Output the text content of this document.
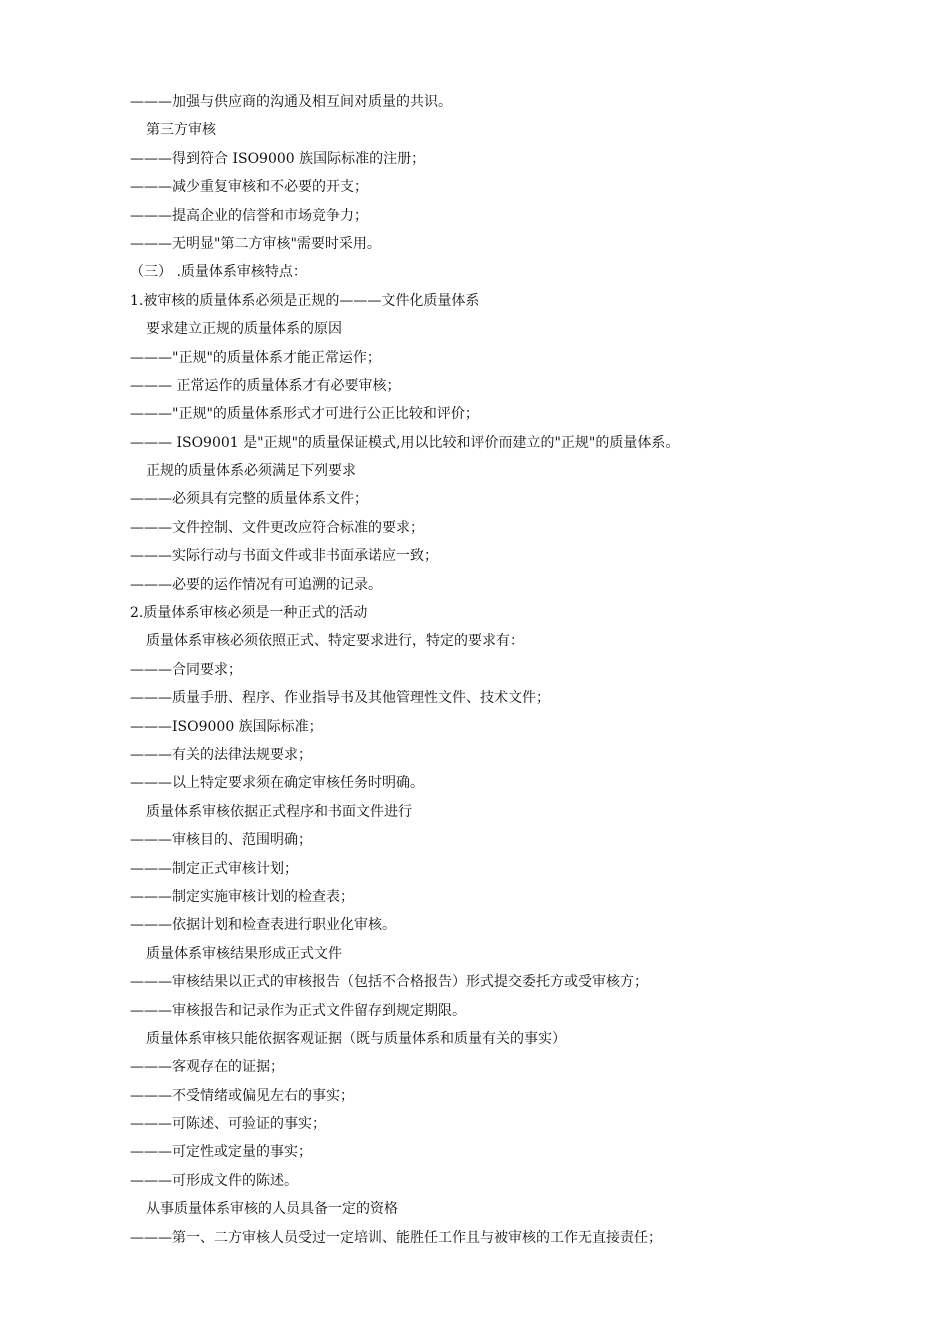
———加强与供应商的沟通及相互间对质量的共识。
第三方审核
———得到符合 ISO9000 族国际标准的注册；
———减少重复审核和不必要的开支；
———提高企业的信誉和市场竞争力；
———无明显"第二方审核"需要时采用。
（三） .质量体系审核特点：
1.被审核的质量体系必须是正规的———文件化质量体系
要求建立正规的质量体系的原因
———"正规"的质量体系才能正常运作；
——— 正常运作的质量体系才有必要审核；
———"正规"的质量体系形式才可进行公正比较和评价；
——— ISO9001 是"正规"的质量保证模式,用以比较和评价而建立的"正规"的质量体系。
正规的质量体系必须满足下列要求
———必须具有完整的质量体系文件；
———文件控制、文件更改应符合标准的要求；
———实际行动与书面文件或非书面承诺应一致；
———必要的运作情况有可追溯的记录。
2.质量体系审核必须是一种正式的活动
质量体系审核必须依照正式、特定要求进行，特定的要求有：
———合同要求；
———质量手册、程序、作业指导书及其他管理性文件、技术文件；
———ISO9000 族国际标准；
———有关的法律法规要求；
———以上特定要求须在确定审核任务时明确。
质量体系审核依据正式程序和书面文件进行
———审核目的、范围明确；
———制定正式审核计划；
———制定实施审核计划的检查表；
———依据计划和检查表进行职业化审核。
质量体系审核结果形成正式文件
———审核结果以正式的审核报告（包括不合格报告）形式提交委托方或受审核方；
———审核报告和记录作为正式文件留存到规定期限。
质量体系审核只能依据客观证据（既与质量体系和质量有关的事实）
———客观存在的证据；
———不受情绪或偏见左右的事实；
———可陈述、可验证的事实；
———可定性或定量的事实；
———可形成文件的陈述。
从事质量体系审核的人员具备一定的资格
———第一、二方审核人员受过一定培训、能胜任工作且与被审核的工作无直接责任；
